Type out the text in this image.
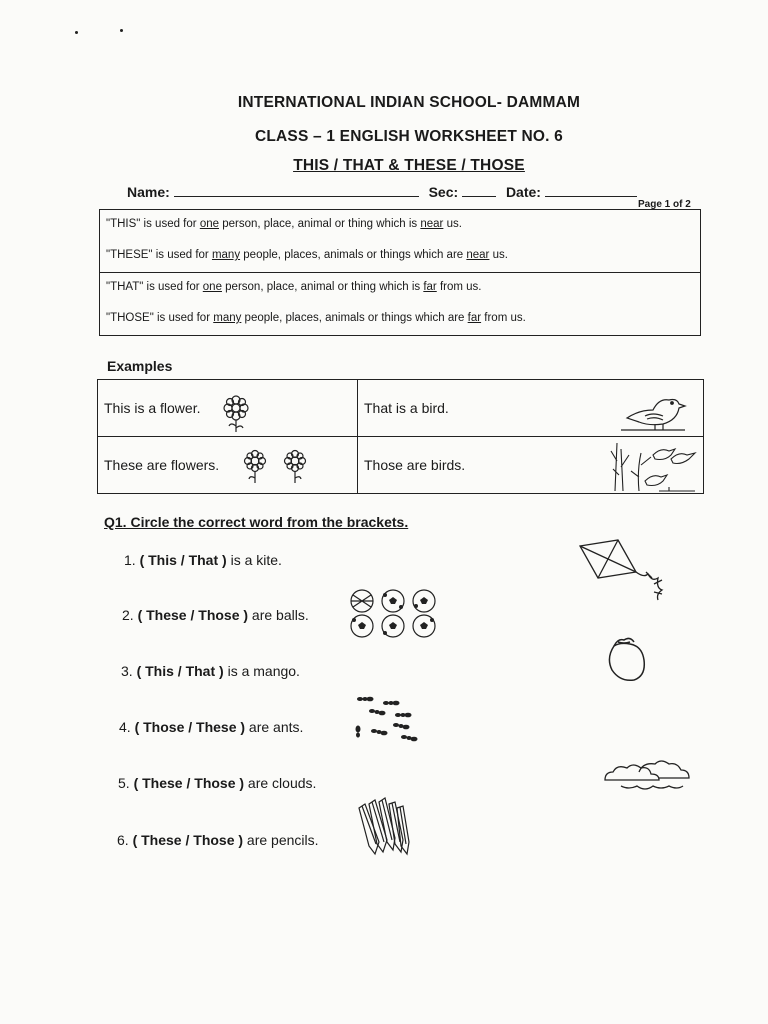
INTERNATIONAL INDIAN SCHOOL- DAMMAM
CLASS – 1 ENGLISH WORKSHEET NO. 6
THIS / THAT & THESE / THOSE
Name:	Sec:	Date:
Page 1 of 2

"THIS" is used for one person, place, animal or thing which is near us.

"THESE" is used for many people, places, animals or things which are near us.

"THAT" is used for one person, place, animal or thing which is far from us.

"THOSE" is used for many people, places, animals or things which are far from us.

Examples
This is a flower.	That is a bird.

These are flowers.	Those are birds.
Q1. Circle the correct word from the brackets.
1. ( This / That ) is a kite.
2. ( These / Those ) are balls.
3. ( This / That ) is a mango.
4. ( Those / These ) are ants.
5. ( These / Those ) are clouds.
6. ( These / Those ) are pencils.
